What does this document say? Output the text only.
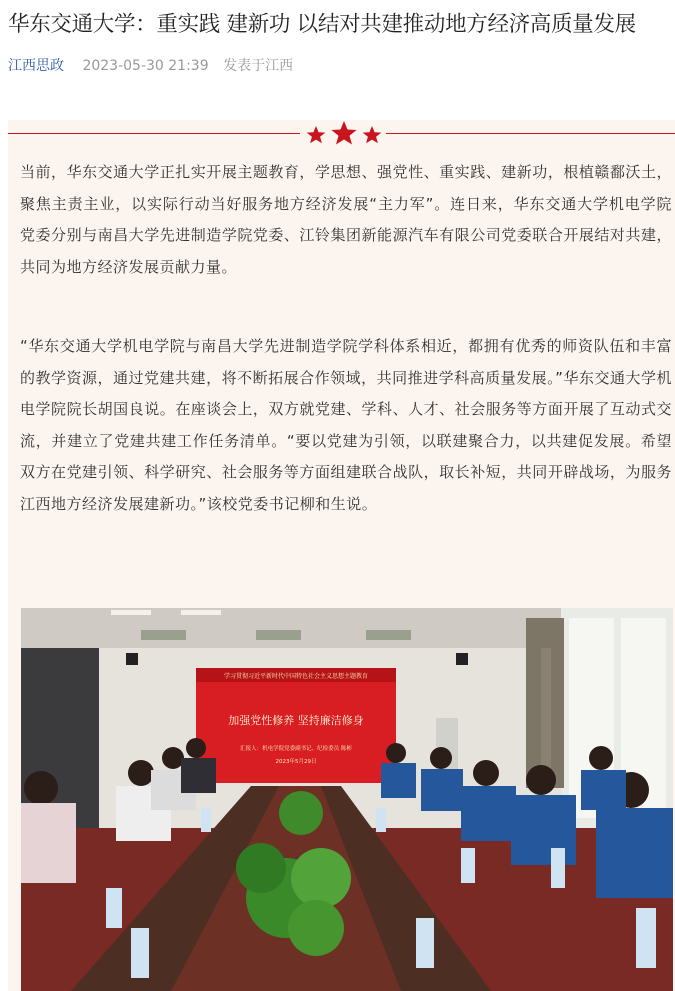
华东交通大学：重实践 建新功 以结对共建推动地方经济高质量发展
江西思政 2023-05-30 21:39 发表于江西
当前，华东交通大学正扎实开展主题教育，学思想、强党性、重实践、建新功，根植赣鄱沃土，聚焦主责主业，以实际行动当好服务地方经济发展“主力军”。连日来，华东交通大学机电学院党委分别与南昌大学先进制造学院党委、江铃集团新能源汽车有限公司党委联合开展结对共建，共同为地方经济发展贡献力量。
“华东交通大学机电学院与南昌大学先进制造学院学科体系相近，都拥有优秀的师资队伍和丰富的教学资源，通过党建共建，将不断拓展合作领域，共同推进学科高质量发展。”华东交通大学机电学院院长胡国良说。在座谈会上，双方就党建、学科、人才、社会服务等方面开展了互动式交流，并建立了党建共建工作任务清单。“要以党建为引领，以联建聚合力，以共建促发展。希望双方在党建引领、科学研究、社会服务等方面组建联合战队，取长补短，共同开辟战场，为服务江西地方经济发展建新功。”该校党委书记柳和生说。
学习贯彻习近平新时代中国特色社会主义思想主题教育
加强党性修养 坚持廉洁修身
汇报人：机电学院党委副书记、纪检委员 陈彬
2023年5月29日
